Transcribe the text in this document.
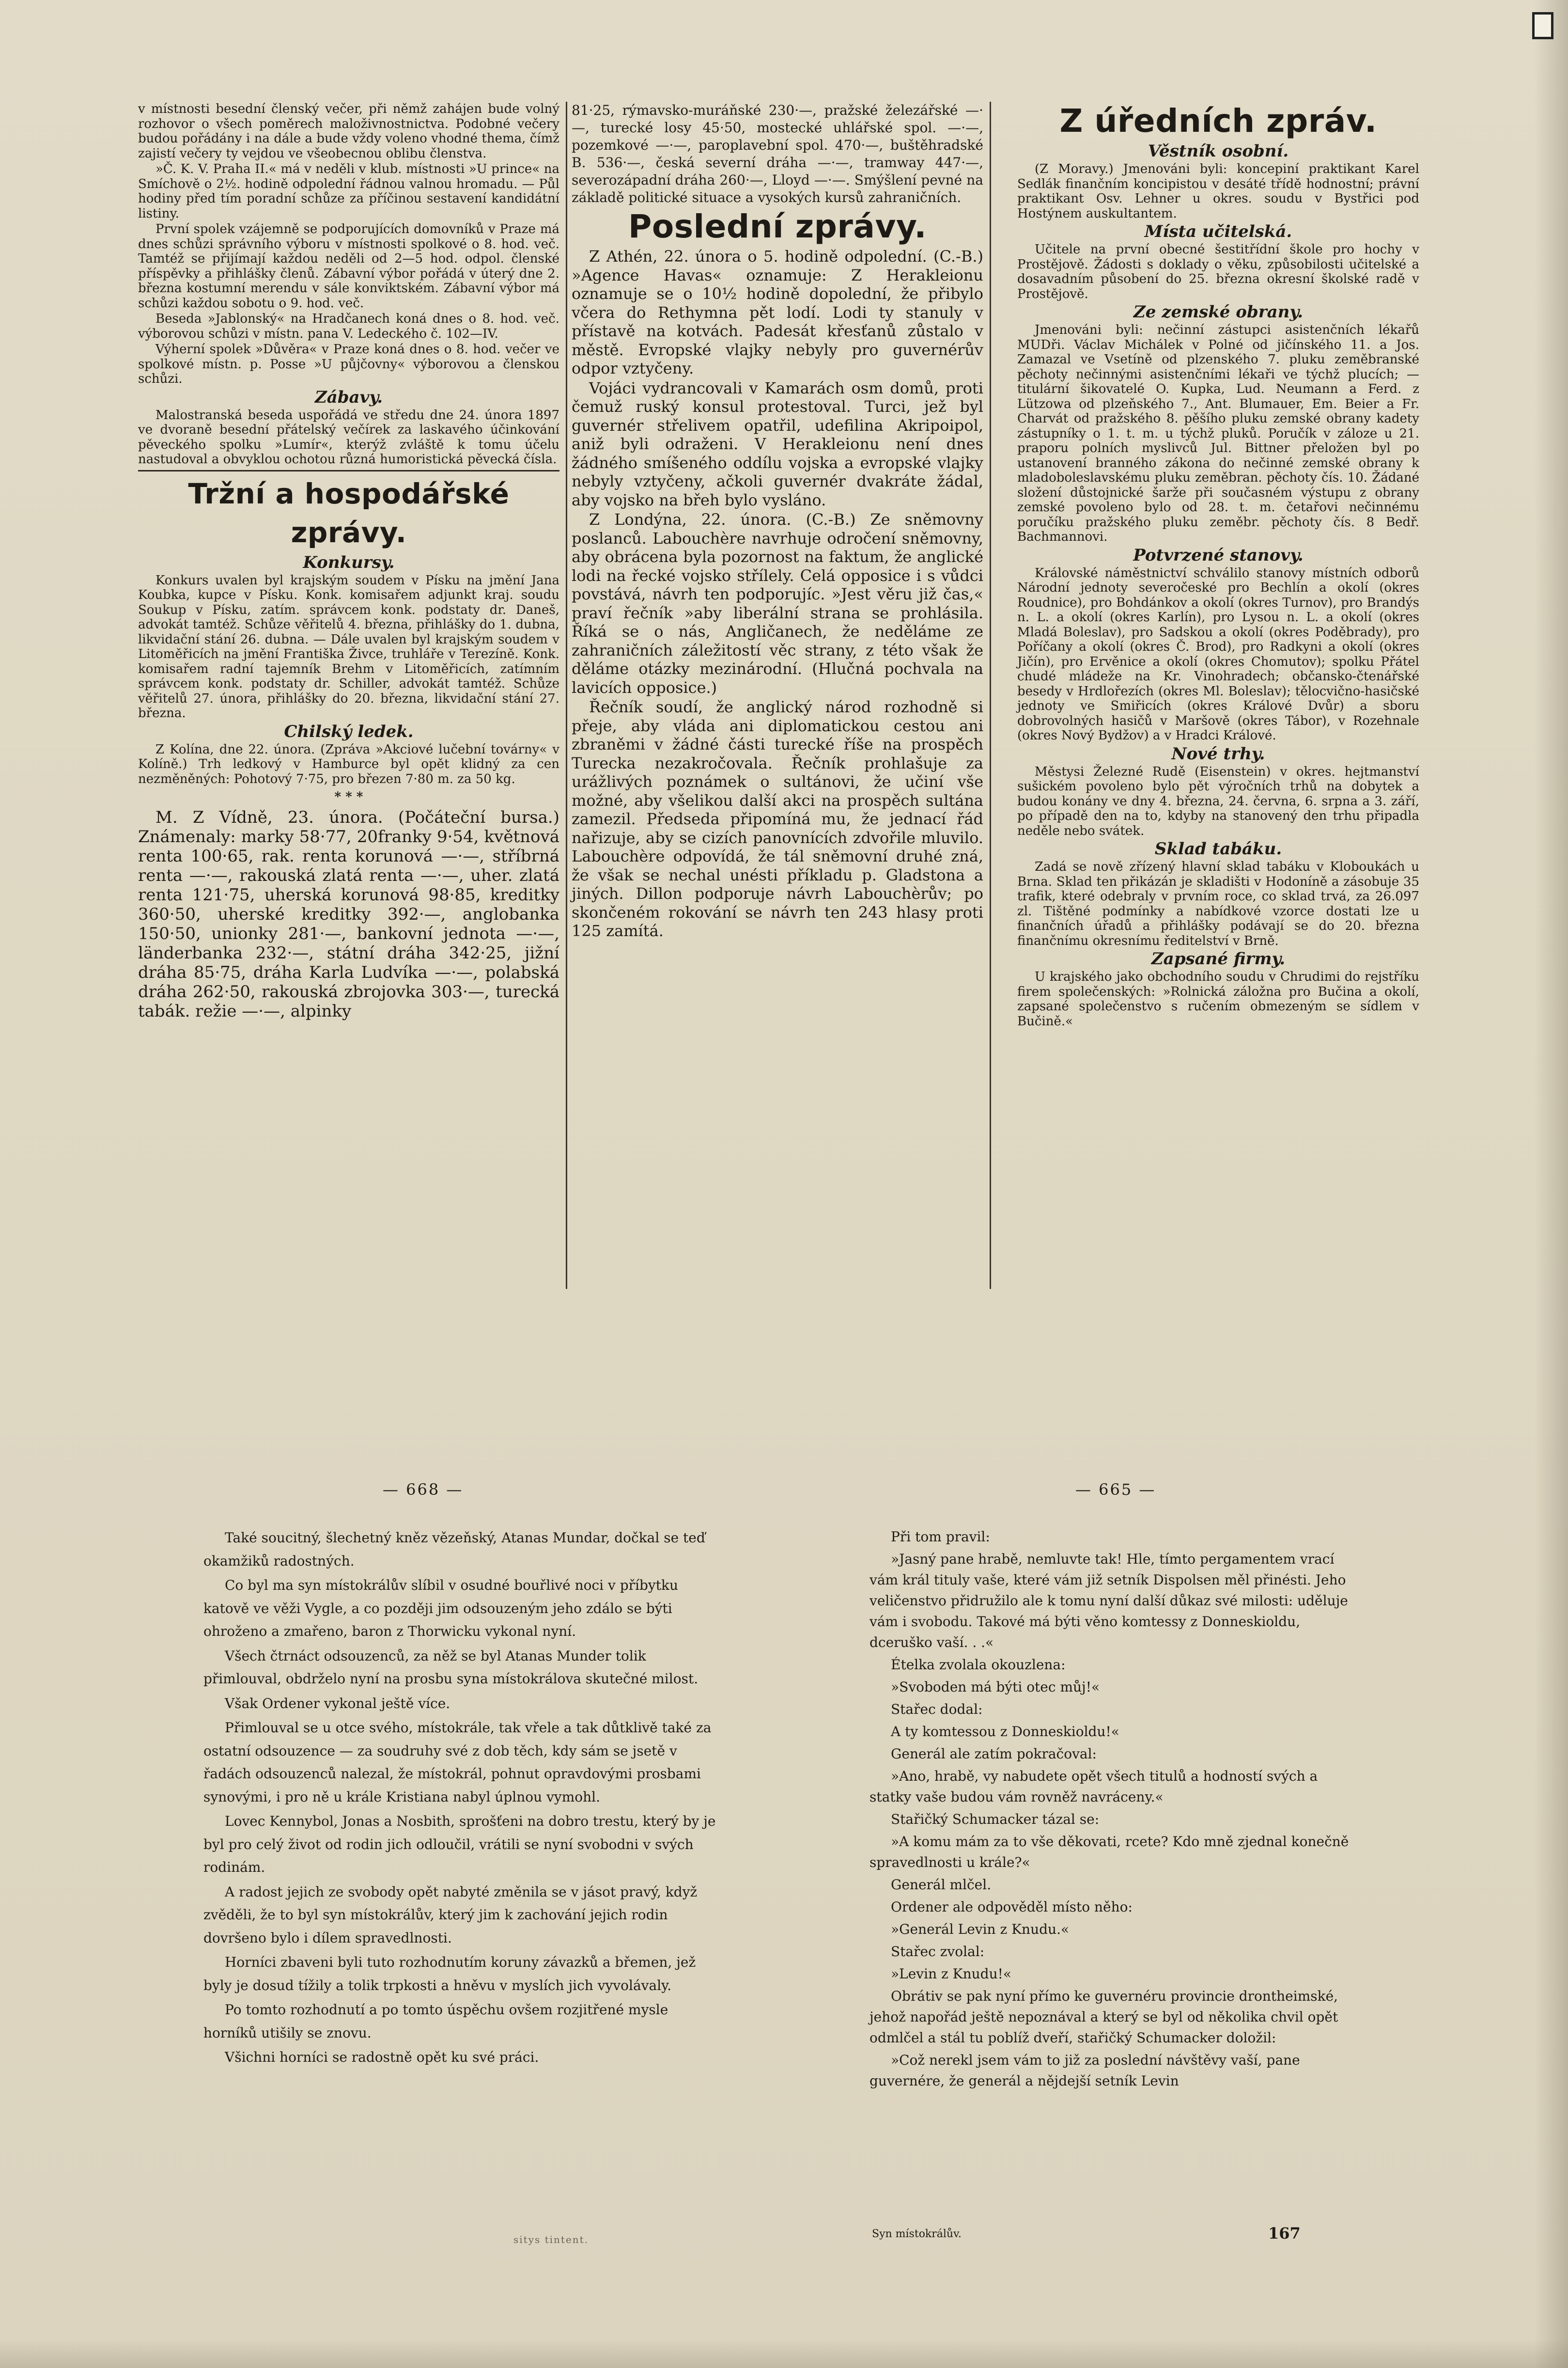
v místnosti besední členský večer, při němž zahájen bude volný rozhovor o všech poměrech maloživnostnictva. Podobné večery budou pořádány i na dále a bude vždy voleno vhodné thema, čímž zajistí večery ty vejdou ve všeobecnou oblibu členstva.

»Č. K. V. Praha II.« má v neděli v klub. místnosti »U prince« na Smíchově o 2½. hodině odpolední řádnou valnou hromadu. — Půl hodiny před tím poradní schůze za příčinou sestavení kandidátní listiny.

První spolek vzájemně se podporujících domovníků v Praze má dnes schůzi správního výboru v místnosti spolkové o 8. hod. več. Tamtéž se přijímají každou neděli od 2—5 hod. odpol. členské příspěvky a přihlášky členů. Zábavní výbor pořádá v úterý dne 2. března kostumní merendu v sále konviktském. Zábavní výbor má schůzi každou sobotu o 9. hod. več.

Beseda »Jablonský« na Hradčanech koná dnes o 8. hod. več. výborovou schůzi v místn. pana V. Ledeckého č. 102—IV.

Výherní spolek »Důvěra« v Praze koná dnes o 8. hod. večer ve spolkové místn. p. Posse »U půjčovny« výborovou a členskou schůzi.

Zábavy.

Malostranská beseda uspořádá ve středu dne 24. února 1897 ve dvoraně besední přátelský večírek za laskavého účinkování pěveckého spolku »Lumír«, kterýž zvláště k tomu účelu nastudoval a obvyklou ochotou různá humoristická pěvecká čísla.

Tržní a hospodářské zprávy.

Konkursy.

Konkurs uvalen byl krajským soudem v Písku na jmění Jana Koubka, kupce v Písku. Konk. komisařem adjunkt kraj. soudu Soukup v Písku, zatím. správcem konk. podstaty dr. Daneš, advokát tamtéž. Schůze věřitelů 4. března, přihlášky do 1. dubna, likvidační stání 26. dubna. — Dále uvalen byl krajským soudem v Litoměřicích na jmění Františka Živce, truhláře v Terezíně. Konk. komisařem radní tajemník Brehm v Litoměřicích, zatímním správcem konk. podstaty dr. Schiller, advokát tamtéž. Schůze věřitelů 27. února, přihlášky do 20. března, likvidační stání 27. března.

Chilský ledek.

Z Kolína, dne 22. února. (Zpráva »Akciové lučební továrny« v Kolíně.) Trh ledkový v Hamburce byl opět klidný za cen nezměněných: Pohotový 7·75, pro březen 7·80 m. za 50 kg.

* * *

M. Z Vídně, 23. února. (Počáteční bursa.) Známenaly: marky 58·77, 20franky 9·54, květnová renta 100·65, rak. renta korunová —·—, stříbrná renta —·—, rakouská zlatá renta —·—, uher. zlatá renta 121·75, uherská korunová 98·85, kreditky 360·50, uherské kreditky 392·—, anglobanka 150·50, unionky 281·—, bankovní jednota —·—, länderbanka 232·—, státní dráha 342·25, jižní dráha 85·75, dráha Karla Ludvíka —·—, polabská dráha 262·50, rakouská zbrojovka 303·—, turecká tabák. režie —·—, alpinky

81·25, rýmavsko-muráňské 230·—, pražské železářské —·—, turecké losy 45·50, mostecké uhlářské spol. —·—, pozemkové —·—, paroplavební spol. 470·—, buštěhradské B. 536·—, česká severní dráha —·—, tramway 447·—, severozápadní dráha 260·—, Lloyd —·—. Smýšlení pevné na základě politické situace a vysokých kursů zahraničních.

Poslední zprávy.

Z Athén, 22. února o 5. hodině odpolední. (C.-B.) »Agence Havas« oznamuje: Z Herakleionu oznamuje se o 10½ hodině dopolední, že přibylo včera do Rethymna pět lodí. Lodi ty stanuly v přístavě na kotvách. Padesát křesťanů zůstalo v městě. Evropské vlajky nebyly pro guvernérův odpor vztyčeny.

Vojáci vydrancovali v Kamarách osm domů, proti čemuž ruský konsul protestoval. Turci, jež byl guvernér střelivem opatřil, udefilina Akripoipol, aniž byli odraženi. V Herakleionu není dnes žádného smíšeného oddílu vojska a evropské vlajky nebyly vztyčeny, ačkoli guvernér dvakráte žádal, aby vojsko na břeh bylo vysláno.

Z Londýna, 22. února. (C.-B.) Ze sněmovny poslanců. Labouchère navrhuje odročení sněmovny, aby obrácena byla pozornost na faktum, že anglické lodi na řecké vojsko střílely. Celá opposice i s vůdci povstává, návrh ten podporujíc. »Jest věru již čas,« praví řečník »aby liberální strana se prohlásila. Říká se o nás, Angličanech, že neděláme ze zahraničních záležitostí věc strany, z této však že děláme otázky mezinárodní. (Hlučná pochvala na lavicích opposice.)

Řečník soudí, že anglický národ rozhodně si přeje, aby vláda ani diplomatickou cestou ani zbraněmi v žádné části turecké říše na prospěch Turecka nezakročovala. Řečník prohlašuje za urážlivých poznámek o sultánovi, že učiní vše možné, aby všelikou další akci na prospěch sultána zamezil. Předseda připomíná mu, že jednací řád nařizuje, aby se cizích panovnících zdvořile mluvilo. Labouchère odpovídá, že tál sněmovní druhé zná, že však se nechal unésti příkladu p. Gladstona a jiných. Dillon podporuje návrh Labouchèrův; po skončeném rokování se návrh ten 243 hlasy proti 125 zamítá.

Z úředních zpráv.

Věstník osobní.

(Z Moravy.) Jmenováni byli: koncepiní praktikant Karel Sedlák finančním koncipistou v desáté třídě hodnostní; právní praktikant Osv. Lehner u okres. soudu v Bystřici pod Hostýnem auskultantem.

Místa učitelská.

Učitele na první obecné šestitřídní škole pro hochy v Prostějově. Žádosti s doklady o věku, způsobilosti učitelské a dosavadním působení do 25. března okresní školské radě v Prostějově.

Ze zemské obrany.

Jmenováni byli: nečinní zástupci asistenčních lékařů MUDři. Václav Michálek v Polné od jičínského 11. a Jos. Zamazal ve Vsetíně od plzenského 7. pluku zeměbranské pěchoty nečinnými asistenčními lékaři ve týchž plucích; — titulární šikovatelé O. Kupka, Lud. Neumann a Ferd. z Lützowa od plzeňského 7., Ant. Blumauer, Em. Beier a Fr. Charvát od pražského 8. pěšího pluku zemské obrany kadety zástupníky o 1. t. m. u týchž pluků. Poručík v záloze u 21. praporu polních myslivců Jul. Bittner přeložen byl po ustanovení branného zákona do nečinné zemské obrany k mladoboleslavskému pluku zeměbran. pěchoty čís. 10. Žádané složení důstojnické šarže při současném výstupu z obrany zemské povoleno bylo od 28. t. m. četařovi nečinnému poručíku pražského pluku zeměbr. pěchoty čís. 8 Bedř. Bachmannovi.

Potvrzené stanovy.

Královské náměstnictví schválilo stanovy místních odborů Národní jednoty severočeské pro Bechlín a okolí (okres Roudnice), pro Bohdánkov a okolí (okres Turnov), pro Brandýs n. L. a okolí (okres Karlín), pro Lysou n. L. a okolí (okres Mladá Boleslav), pro Sadskou a okolí (okres Poděbrady), pro Poříčany a okolí (okres Č. Brod), pro Radkyni a okolí (okres Jičín), pro Ervěnice a okolí (okres Chomutov); spolku Přátel chudé mládeže na Kr. Vinohradech; občansko-čtenářské besedy v Hrdlořezích (okres Ml. Boleslav); tělocvično-hasičské jednoty ve Smiřicích (okres Králové Dvůr) a sboru dobrovolných hasičů v Maršově (okres Tábor), v Rozehnale (okres Nový Bydžov) a v Hradci Králové.

Nové trhy.

Městysi Železné Rudě (Eisenstein) v okres. hejtmanství sušickém povoleno bylo pět výročních trhů na dobytek a budou konány ve dny 4. března, 24. června, 6. srpna a 3. září, po případě den na to, kdyby na stanovený den trhu připadla neděle nebo svátek.

Sklad tabáku.

Zadá se nově zřízený hlavní sklad tabáku v Kloboukách u Brna. Sklad ten přikázán je skladišti v Hodoníně a zásobuje 35 trafik, které odebraly v prvním roce, co sklad trvá, za 26.097 zl. Tištěné podmínky a nabídkové vzorce dostati lze u finančních úřadů a přihlášky podávají se do 20. března finančnímu okresnímu ředitelství v Brně.

Zapsané firmy.

U krajského jako obchodního soudu v Chrudimi do rejstříku firem společenských: »Rolnická záložna pro Bučina a okolí, zapsané společenstvo s ručením obmezeným se sídlem v Bučině.«

— 668 —

Také soucitný, šlechetný kněz vězeňský, Atanas Mundar, dočkal se teď okamžiků radostných.

Co byl ma syn místokrálův slíbil v osudné bouřlivé noci v příbytku katově ve věži Vygle, a co později jim odsouzeným jeho zdálo se býti ohroženo a zmařeno, baron z Thorwicku vykonal nyní.

Všech čtrnáct odsouzenců, za něž se byl Atanas Munder tolik přimlouval, obdrželo nyní na prosbu syna místokrálova skutečné milost.

Však Ordener vykonal ještě více.

Přimlouval se u otce svého, místokrále, tak vřele a tak důtklivě také za ostatní odsouzence — za soudruhy své z dob těch, kdy sám se jsetě v řadách odsouzenců nalezal, že místokrál, pohnut opravdovými prosbami synovými, i pro ně u krále Kristiana nabyl úplnou vymohl.

Lovec Kennybol, Jonas a Nosbith, sprošťeni na dobro trestu, který by je byl pro celý život od rodin jich odloučil, vrátili se nyní svobodni v svých rodinám.

A radost jejich ze svobody opět nabyté změnila se v jásot pravý, když zvěděli, že to byl syn místokrálův, který jim k zachování jejich rodin dovršeno bylo i dílem spravedlnosti.

Horníci zbaveni byli tuto rozhodnutím koruny závazků a břemen, jež byly je dosud tížily a tolik trpkosti a hněvu v myslích jich vyvolávaly.

Po tomto rozhodnutí a po tomto úspěchu ovšem rozjitřené mysle horníků utišily se znovu.

Všichni horníci se radostně opět ku své práci.

sitys tintent.
— 665 —

Při tom pravil:

»Jasný pane hrabě, nemluvte tak! Hle, tímto pergamentem vrací vám král tituly vaše, které vám již setník Dispolsen měl přinésti. Jeho veličenstvo přidružilo ale k tomu nyní další důkaz své milosti: uděluje vám i svobodu. Takové má býti věno komtessy z Donneskioldu, dceruško vaší. . .«

Ételka zvolala okouzlena:

»Svoboden má býti otec můj!«

Stařec dodal:

A ty komtessou z Donneskioldu!«

Generál ale zatím pokračoval:

»Ano, hrabě, vy nabudete opět všech titulů a hodností svých a statky vaše budou vám rovněž navráceny.«

Stařičký Schumacker tázal se:

»A komu mám za to vše děkovati, rcete? Kdo mně zjednal konečně spravedlnosti u krále?«

Generál mlčel.

Ordener ale odpověděl místo něho:

»Generál Levin z Knudu.«

Stařec zvolal:

»Levin z Knudu!«

Obrátiv se pak nyní přímo ke guvernéru provincie drontheimské, jehož napořád ještě nepoznával a který se byl od několika chvil opět odmlčel a stál tu poblíž dveří, stařičký Schumacker doložil:

»Což nerekl jsem vám to již za poslední návštěvy vaší, pane guvernére, že generál a nějdejší setník Levin

Syn místokrálův.	167
